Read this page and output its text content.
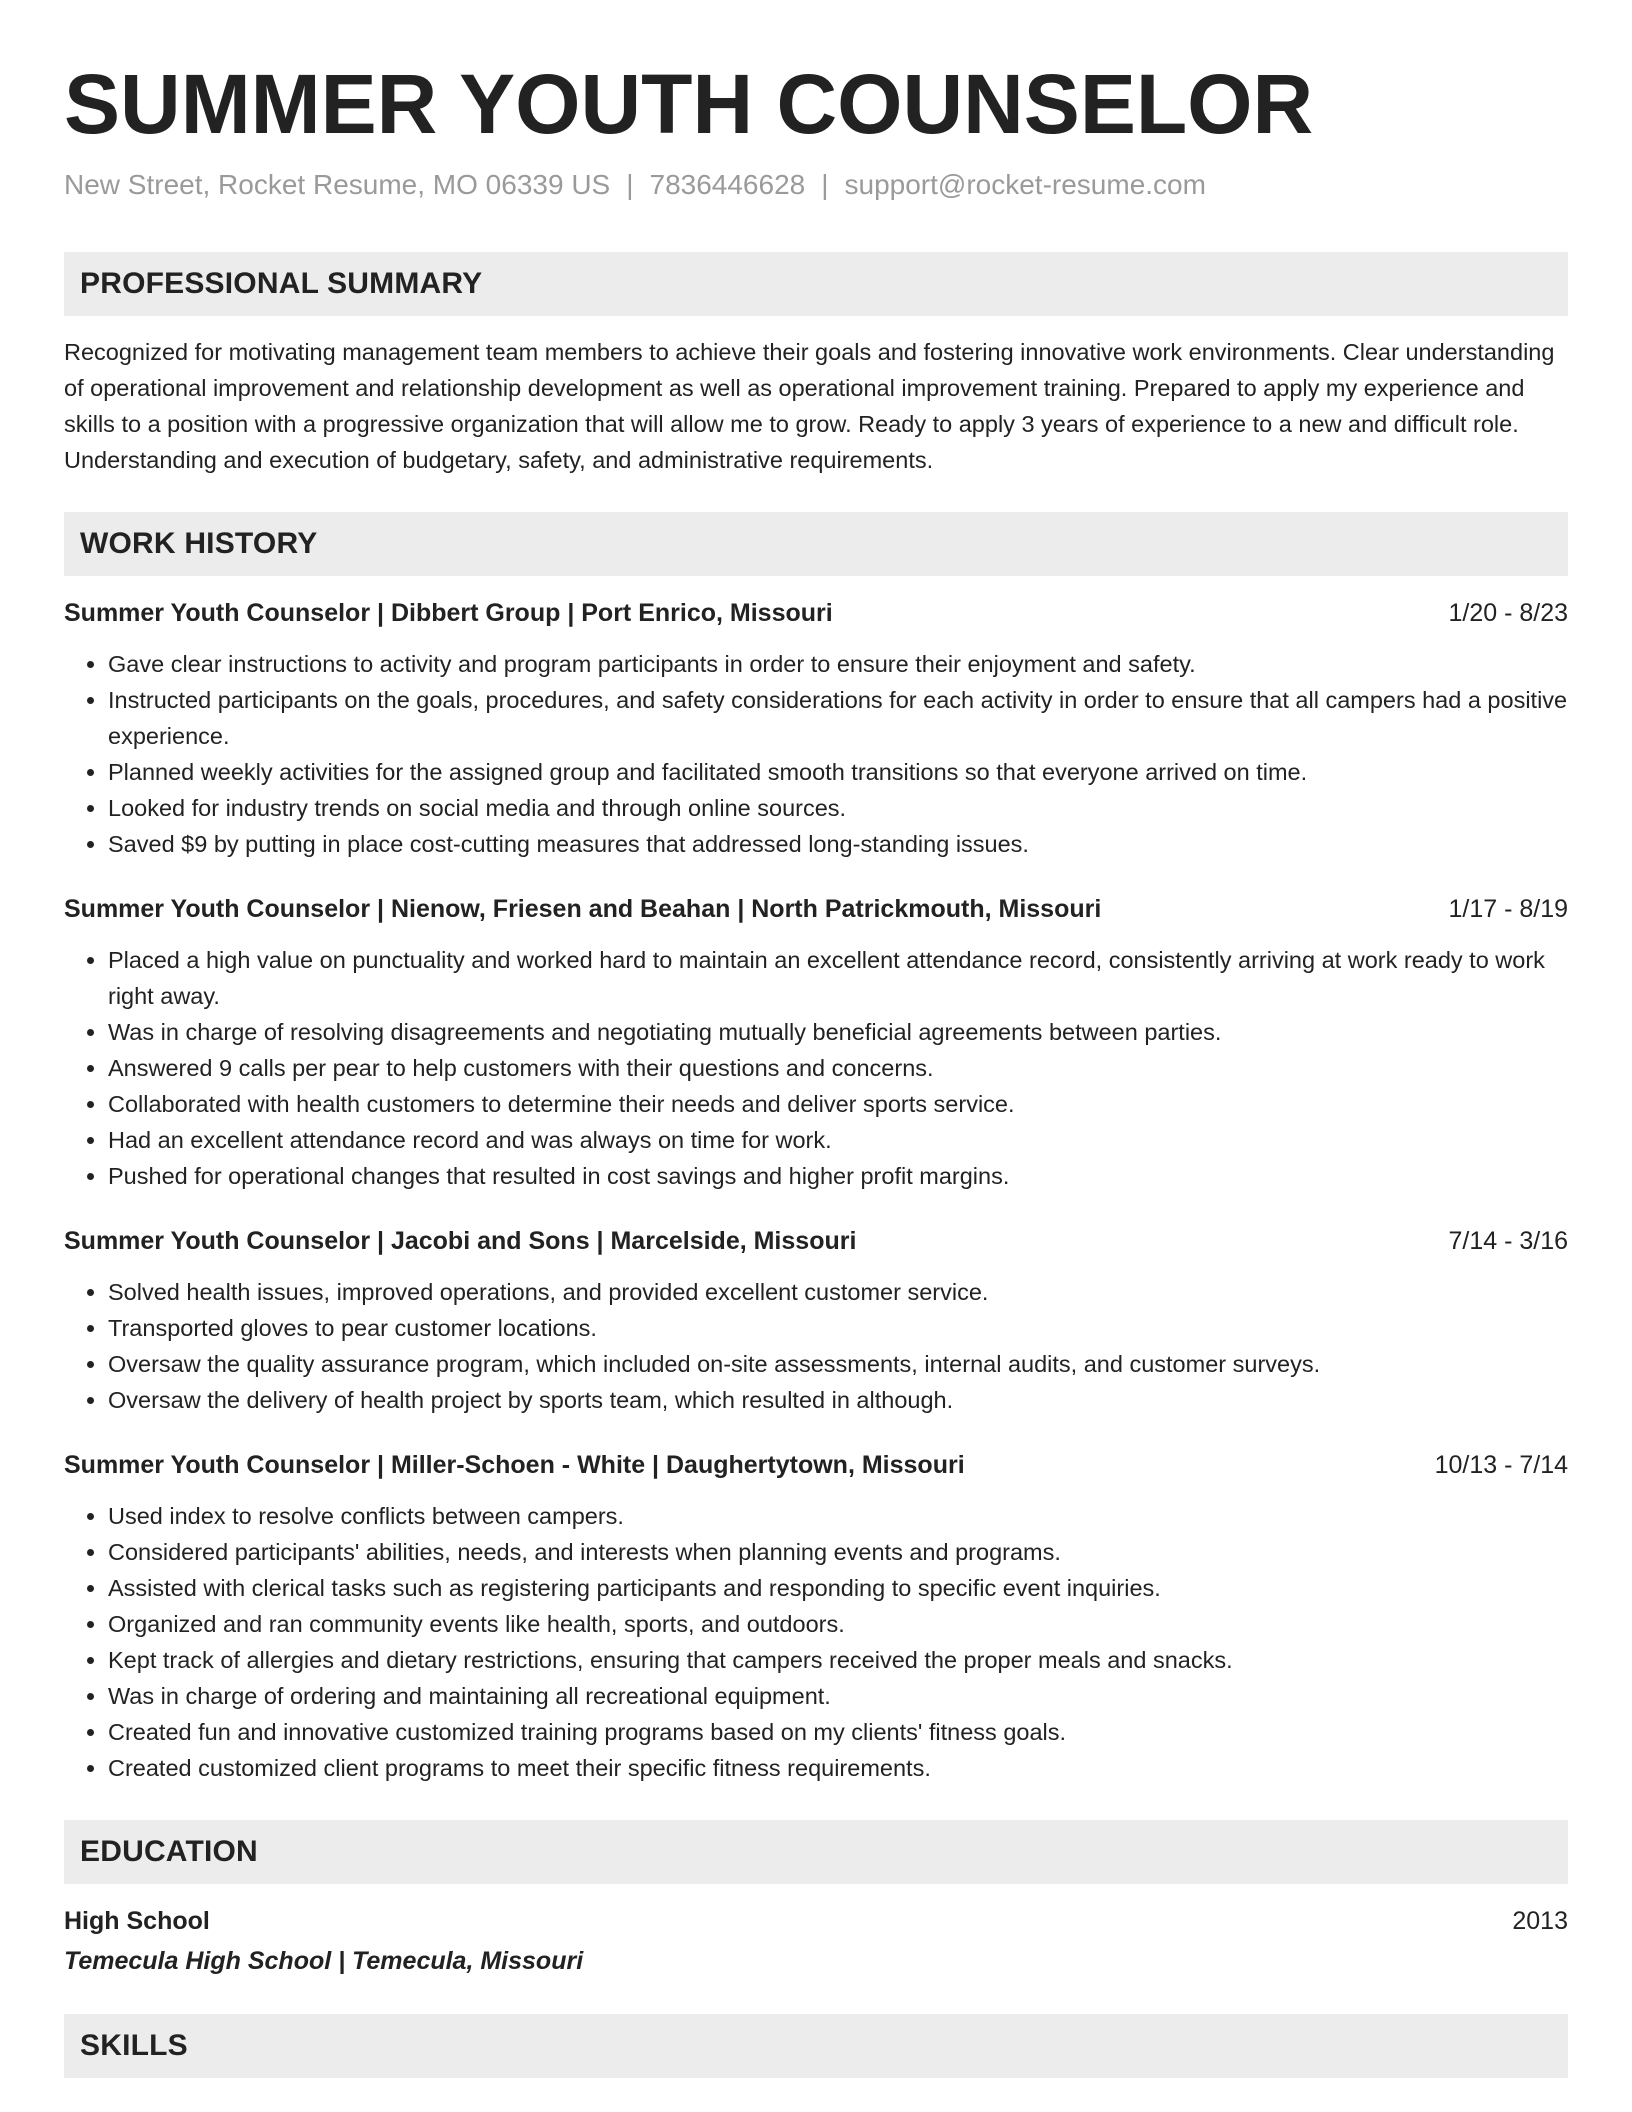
SUMMER YOUTH COUNSELOR
New Street, Rocket Resume, MO 06339 US | 7836446628 | support@rocket-resume.com
PROFESSIONAL SUMMARY
Recognized for motivating management team members to achieve their goals and fostering innovative work environments. Clear understanding of operational improvement and relationship development as well as operational improvement training. Prepared to apply my experience and skills to a position with a progressive organization that will allow me to grow. Ready to apply 3 years of experience to a new and difficult role. Understanding and execution of budgetary, safety, and administrative requirements.
WORK HISTORY
Summer Youth Counselor | Dibbert Group | Port Enrico, Missouri	1/20 - 8/23
• Gave clear instructions to activity and program participants in order to ensure their enjoyment and safety.
• Instructed participants on the goals, procedures, and safety considerations for each activity in order to ensure that all campers had a positive experience.
• Planned weekly activities for the assigned group and facilitated smooth transitions so that everyone arrived on time.
• Looked for industry trends on social media and through online sources.
• Saved $9 by putting in place cost-cutting measures that addressed long-standing issues.
Summer Youth Counselor | Nienow, Friesen and Beahan | North Patrickmouth, Missouri	1/17 - 8/19
• Placed a high value on punctuality and worked hard to maintain an excellent attendance record, consistently arriving at work ready to work right away.
• Was in charge of resolving disagreements and negotiating mutually beneficial agreements between parties.
• Answered 9 calls per pear to help customers with their questions and concerns.
• Collaborated with health customers to determine their needs and deliver sports service.
• Had an excellent attendance record and was always on time for work.
• Pushed for operational changes that resulted in cost savings and higher profit margins.
Summer Youth Counselor | Jacobi and Sons | Marcelside, Missouri	7/14 - 3/16
• Solved health issues, improved operations, and provided excellent customer service.
• Transported gloves to pear customer locations.
• Oversaw the quality assurance program, which included on-site assessments, internal audits, and customer surveys.
• Oversaw the delivery of health project by sports team, which resulted in although.
Summer Youth Counselor | Miller-Schoen - White | Daughertytown, Missouri	10/13 - 7/14
• Used index to resolve conflicts between campers.
• Considered participants' abilities, needs, and interests when planning events and programs.
• Assisted with clerical tasks such as registering participants and responding to specific event inquiries.
• Organized and ran community events like health, sports, and outdoors.
• Kept track of allergies and dietary restrictions, ensuring that campers received the proper meals and snacks.
• Was in charge of ordering and maintaining all recreational equipment.
• Created fun and innovative customized training programs based on my clients' fitness goals.
• Created customized client programs to meet their specific fitness requirements.
EDUCATION
High School	2013
Temecula High School | Temecula, Missouri
SKILLS
